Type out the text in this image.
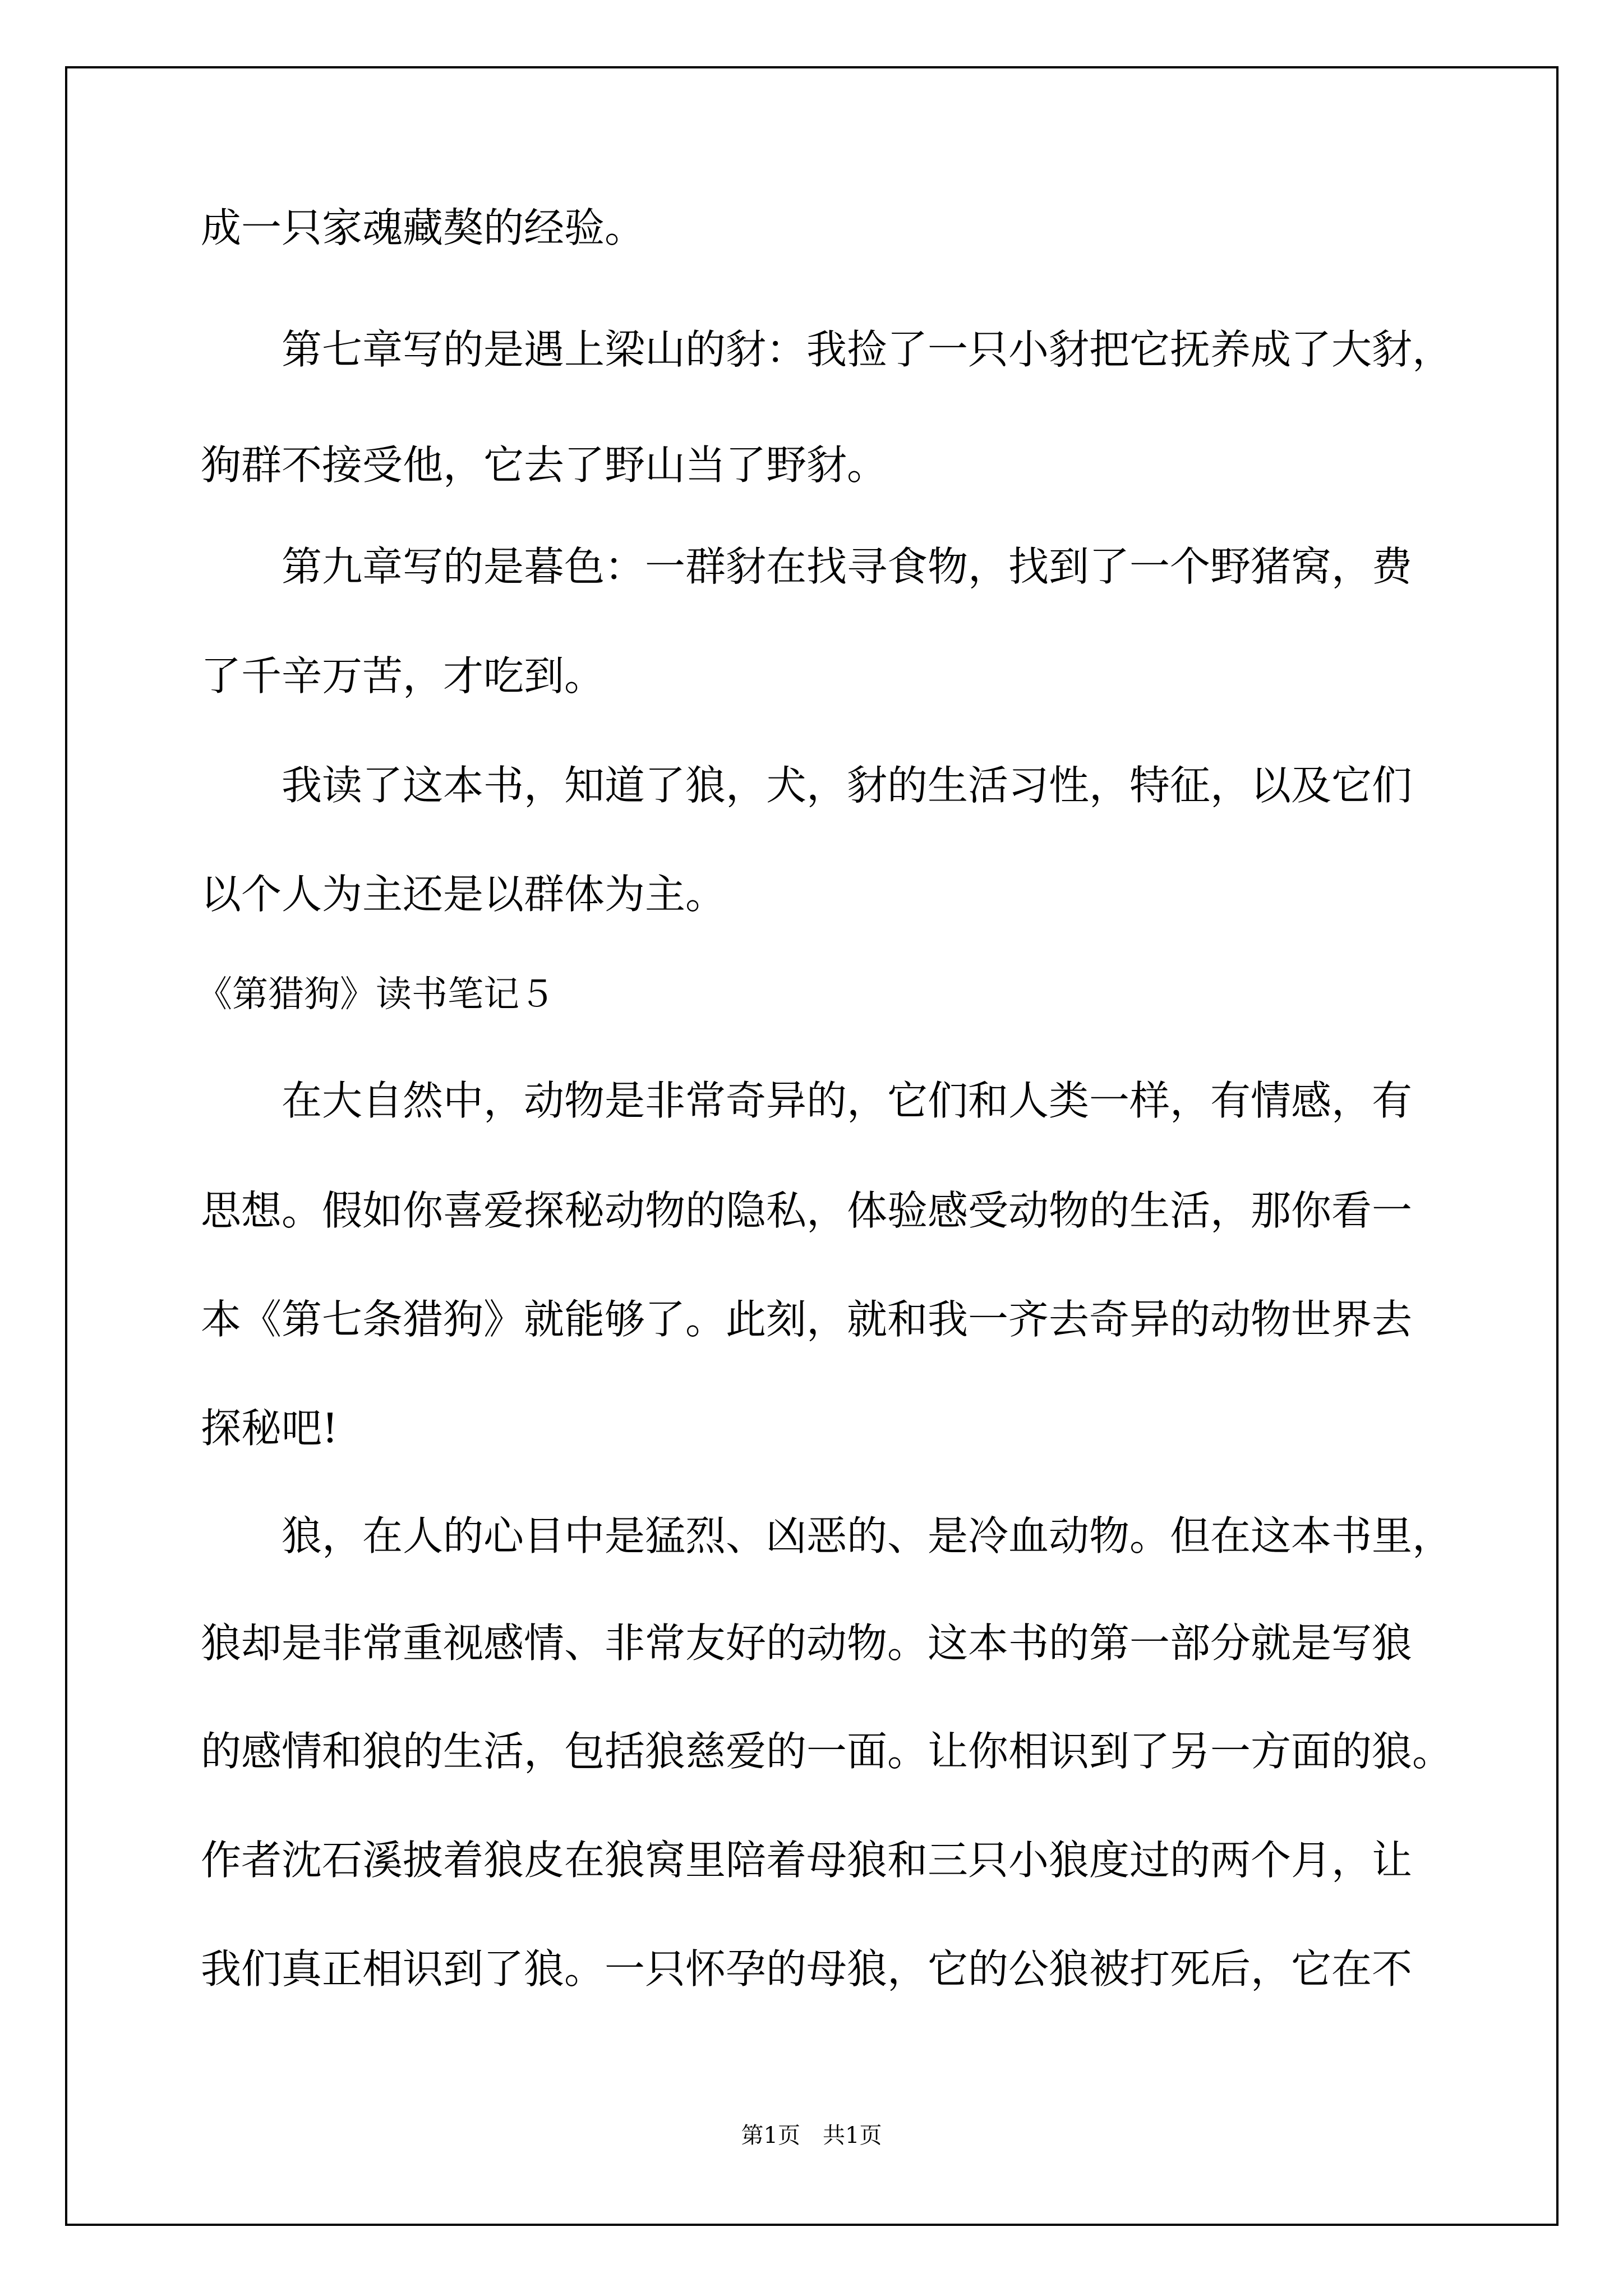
成一只家魂藏獒的经验。
第七章写的是遇上梁山的豺：我捡了一只小豺把它抚养成了大豺，
狗群不接受他，它去了野山当了野豺。
第九章写的是暮色：一群豺在找寻食物，找到了一个野猪窝，费
了千辛万苦，才吃到。
我读了这本书，知道了狼，犬，豺的生活习性，特征，以及它们
以个人为主还是以群体为主。
《第猎狗》读书笔记５
在大自然中，动物是非常奇异的，它们和人类一样，有情感，有
思想。假如你喜爱探秘动物的隐私，体验感受动物的生活，那你看一
本《第七条猎狗》就能够了。此刻，就和我一齐去奇异的动物世界去
探秘吧!
狼，在人的心目中是猛烈、凶恶的、是冷血动物。但在这本书里，
狼却是非常重视感情、非常友好的动物。这本书的第一部分就是写狼
的感情和狼的生活，包括狼慈爱的一面。让你相识到了另一方面的狼。
作者沈石溪披着狼皮在狼窝里陪着母狼和三只小狼度过的两个月，让
我们真正相识到了狼。一只怀孕的母狼，它的公狼被打死后，它在不
第1页　共1页
